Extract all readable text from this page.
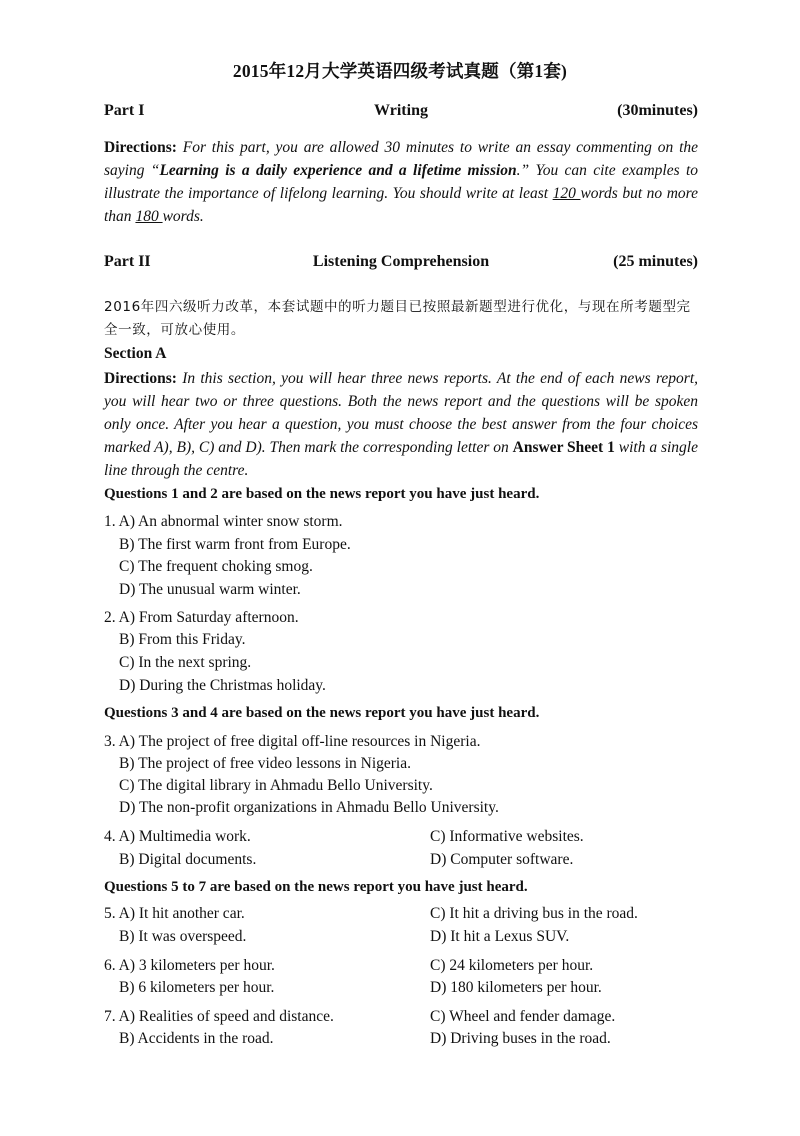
2015年12月大学英语四级考试真题（第1套)
Part I	Writing	(30minutes)
Directions: For this part, you are allowed 30 minutes to write an essay commenting on the saying “Learning is a daily experience and a lifetime mission.” You can cite examples to illustrate the importance of lifelong learning. You should write at least 120 words but no more than 180 words.
Part II	Listening Comprehension	(25 minutes)
2016年四六级听力改革，本套试题中的听力题目已按照最新题型进行优化，与现在所考题型完全一致，可放心使用。
Section A
Directions: In this section, you will hear three news reports. At the end of each news report, you will hear two or three questions. Both the news report and the questions will be spoken only once. After you hear a question, you must choose the best answer from the four choices marked A), B), C) and D). Then mark the corresponding letter on Answer Sheet 1 with a single line through the centre.
Questions 1 and 2 are based on the news report you have just heard.
1. A) An abnormal winter snow storm.
B) The first warm front from Europe.
C) The frequent choking smog.
D) The unusual warm winter.
2. A) From Saturday afternoon.
B) From this Friday.
C) In the next spring.
D) During the Christmas holiday.
Questions 3 and 4 are based on the news report you have just heard.
3. A) The project of free digital off-line resources in Nigeria.
B) The project of free video lessons in Nigeria.
C) The digital library in Ahmadu Bello University.
D) The non-profit organizations in Ahmadu Bello University.
4. A) Multimedia work.	C) Informative websites.
B) Digital documents.	D) Computer software.
Questions 5 to 7 are based on the news report you have just heard.
5. A) It hit another car.	C) It hit a driving bus in the road.
B) It was overspeed.	D) It hit a Lexus SUV.
6. A) 3 kilometers per hour.	C) 24 kilometers per hour.
B) 6 kilometers per hour.	D) 180 kilometers per hour.
7. A) Realities of speed and distance.	C) Wheel and fender damage.
B) Accidents in the road.	D) Driving buses in the road.
